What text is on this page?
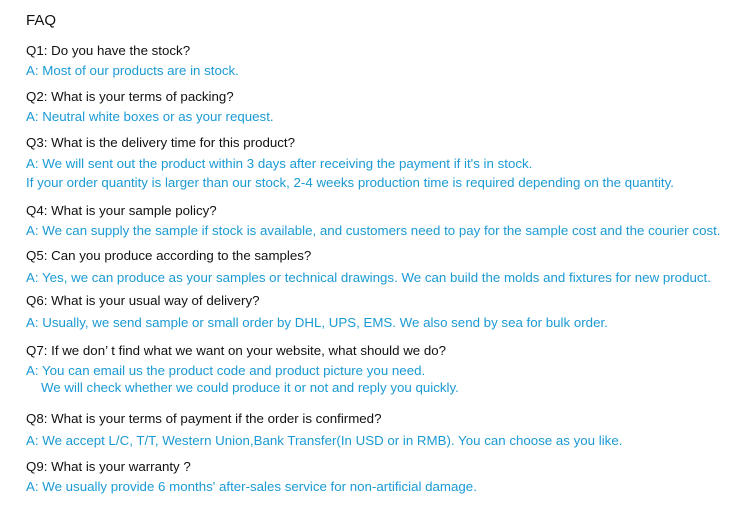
FAQ
Q1: Do you have the stock?
A: Most of our products are in stock.
Q2: What is your terms of packing?
A: Neutral white boxes or as your request.
Q3: What is the delivery time for this product?
A: We will sent out the product within 3 days after receiving the payment if it's in stock.
If your order quantity is larger than our stock, 2-4 weeks production time is required depending on the quantity.
Q4: What is your sample policy?
A: We can supply the sample if stock is available, and customers need to pay for the sample cost and the courier cost.
Q5: Can you produce according to the samples?
A: Yes, we can produce as your samples or technical drawings. We can build the molds and fixtures for new product.
Q6: What is your usual way of delivery?
A: Usually, we send sample or small order by DHL, UPS, EMS. We also send by sea for bulk order.
Q7: If we don’ t find what we want on your website, what should we do?
A: You can email us the product code and product picture you need.
We will check whether we could produce it or not and reply you quickly.
Q8: What is your terms of payment if the order is confirmed?
A: We accept L/C, T/T, Western Union,Bank Transfer(In USD or in RMB). You can choose as you like.
Q9: What is your warranty ?
A: We usually provide 6 months' after-sales service for non-artificial damage.
